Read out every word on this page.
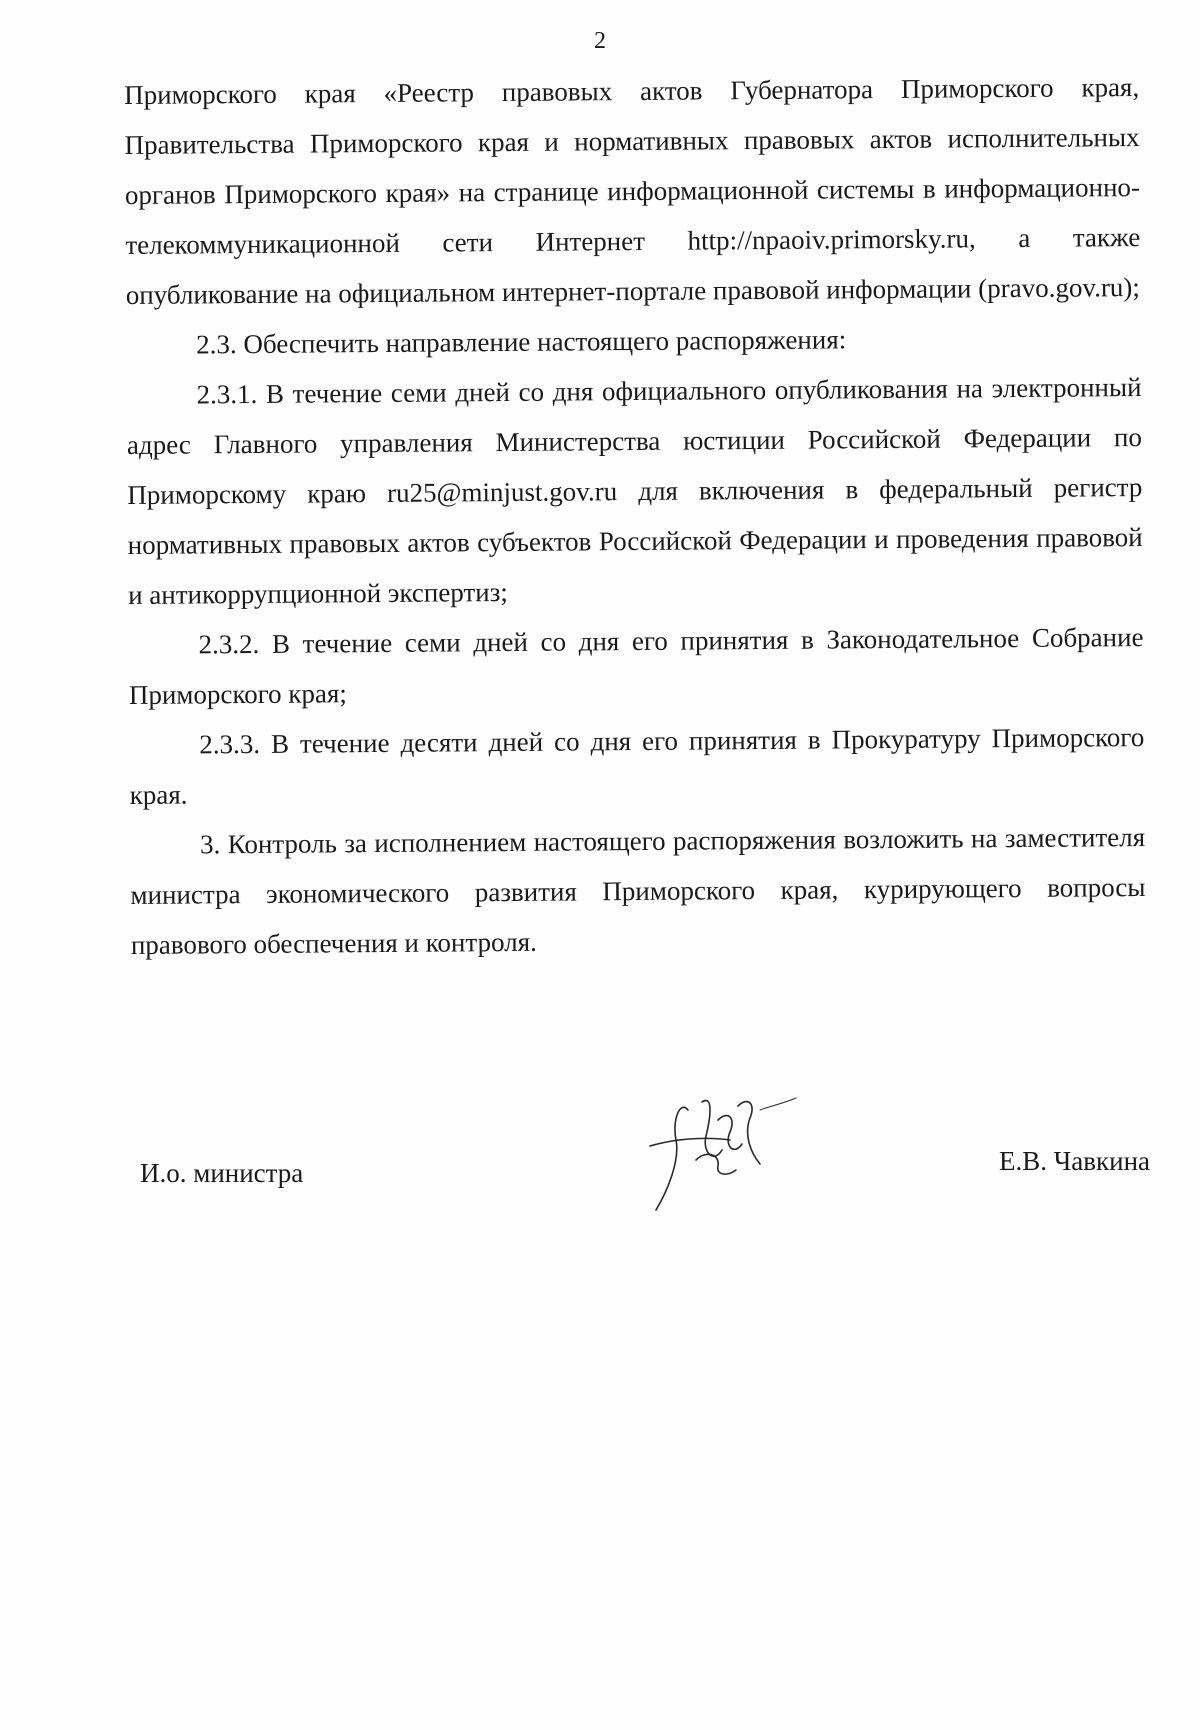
2

Приморского края «Реестр правовых актов Губернатора Приморского края, Правительства Приморского края и нормативных правовых актов исполнительных органов Приморского края» на странице информационной системы в информационно-телекоммуникационной сети Интернет http://npaoiv.primorsky.ru, а также опубликование на официальном интернет-портале правовой информации (pravo.gov.ru);

2.3. Обеспечить направление настоящего распоряжения:

2.3.1. В течение семи дней со дня официального опубликования на электронный адрес Главного управления Министерства юстиции Российской Федерации по Приморскому краю ru25@minjust.gov.ru для включения в федеральный регистр нормативных правовых актов субъектов Российской Федерации и проведения правовой и антикоррупционной экспертиз;

2.3.2. В течение семи дней со дня его принятия в Законодательное Собрание Приморского края;

2.3.3. В течение десяти дней со дня его принятия в Прокуратуру Приморского края.

3. Контроль за исполнением настоящего распоряжения возложить на заместителя министра экономического развития Приморского края, курирующего вопросы правового обеспечения и контроля.

И.о. министра	Е.В. Чавкина
